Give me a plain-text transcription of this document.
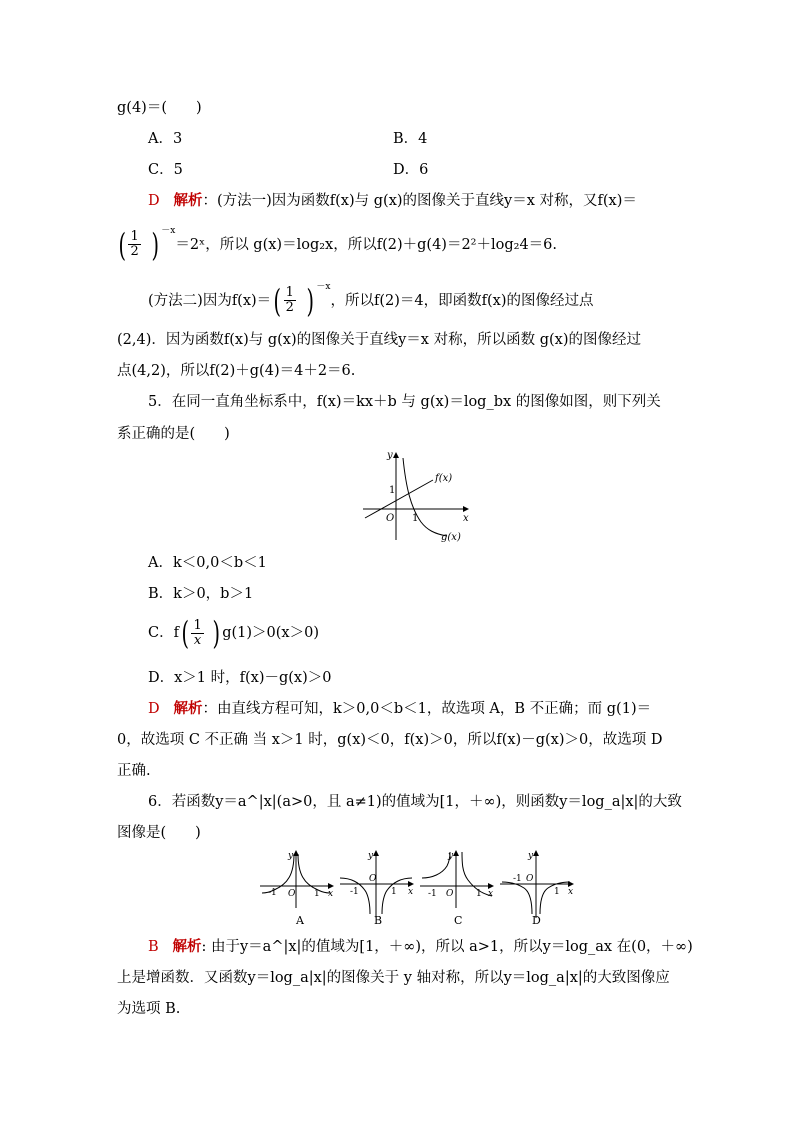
g(4)＝(　　)
A．3	B．4
C．5	D．6
D 解析：(方法一)因为函数f(x)与 g(x)的图像关于直线y＝x 对称，又f(x)＝
( $\frac{1}{2}$ ) $^{-x}$＝2ˣ，所以 g(x)＝log₂x，所以f(2)＋g(4)＝2²＋log₂4＝6.
(方法二)因为$f(x)=( \frac{1}{2}$ ) $^{-x}$，所以f(2)＝4，即函数f(x)的图像经过点
(2,4)．因为函数f(x)与 g(x)的图像关于直线y＝x 对称，所以函数 g(x)的图像经过
点(4,2)，所以f(2)＋g(4)＝4＋2＝6.
5．在同一直角坐标系中，f(x)＝kx＋b 与 g(x)＝log_bx 的图像如图，则下列关
系正确的是(　　)
y
x
O
1
1
f(x)
g(x)
A．k＜0,0＜b＜1
B．k＞0，b＞1
C．$f( \frac{1}{x}$ ) g(1)＞0(x＞0)
D．x＞1 时，f(x)－g(x)＞0
D 解析：由直线方程可知，k＞0,0＜b＜1，故选项 A，B 不正确；而 g(1)＝
0，故选项 C 不正确 当 x＞1 时，g(x)＜0，f(x)＞0，所以f(x)－g(x)＞0，故选项 D
正确.
6．若函数y＝a^|x|(a>0，且 a≠1)的值域为[1，＋∞)，则函数y＝log_a|x|的大致
图像是(　　)
y
x
O
-1	1
A
y
x
O
-1	1
B
y
x
O
-1	1
C
y
x
O
-1
1
D
B 解析: 由于y＝a^|x|的值域为[1，＋∞)，所以 a>1，所以y＝log_ax 在(0，＋∞)
上是增函数．又函数y＝log_a|x|的图像关于 y 轴对称，所以y＝log_a|x|的大致图像应
为选项 B.
